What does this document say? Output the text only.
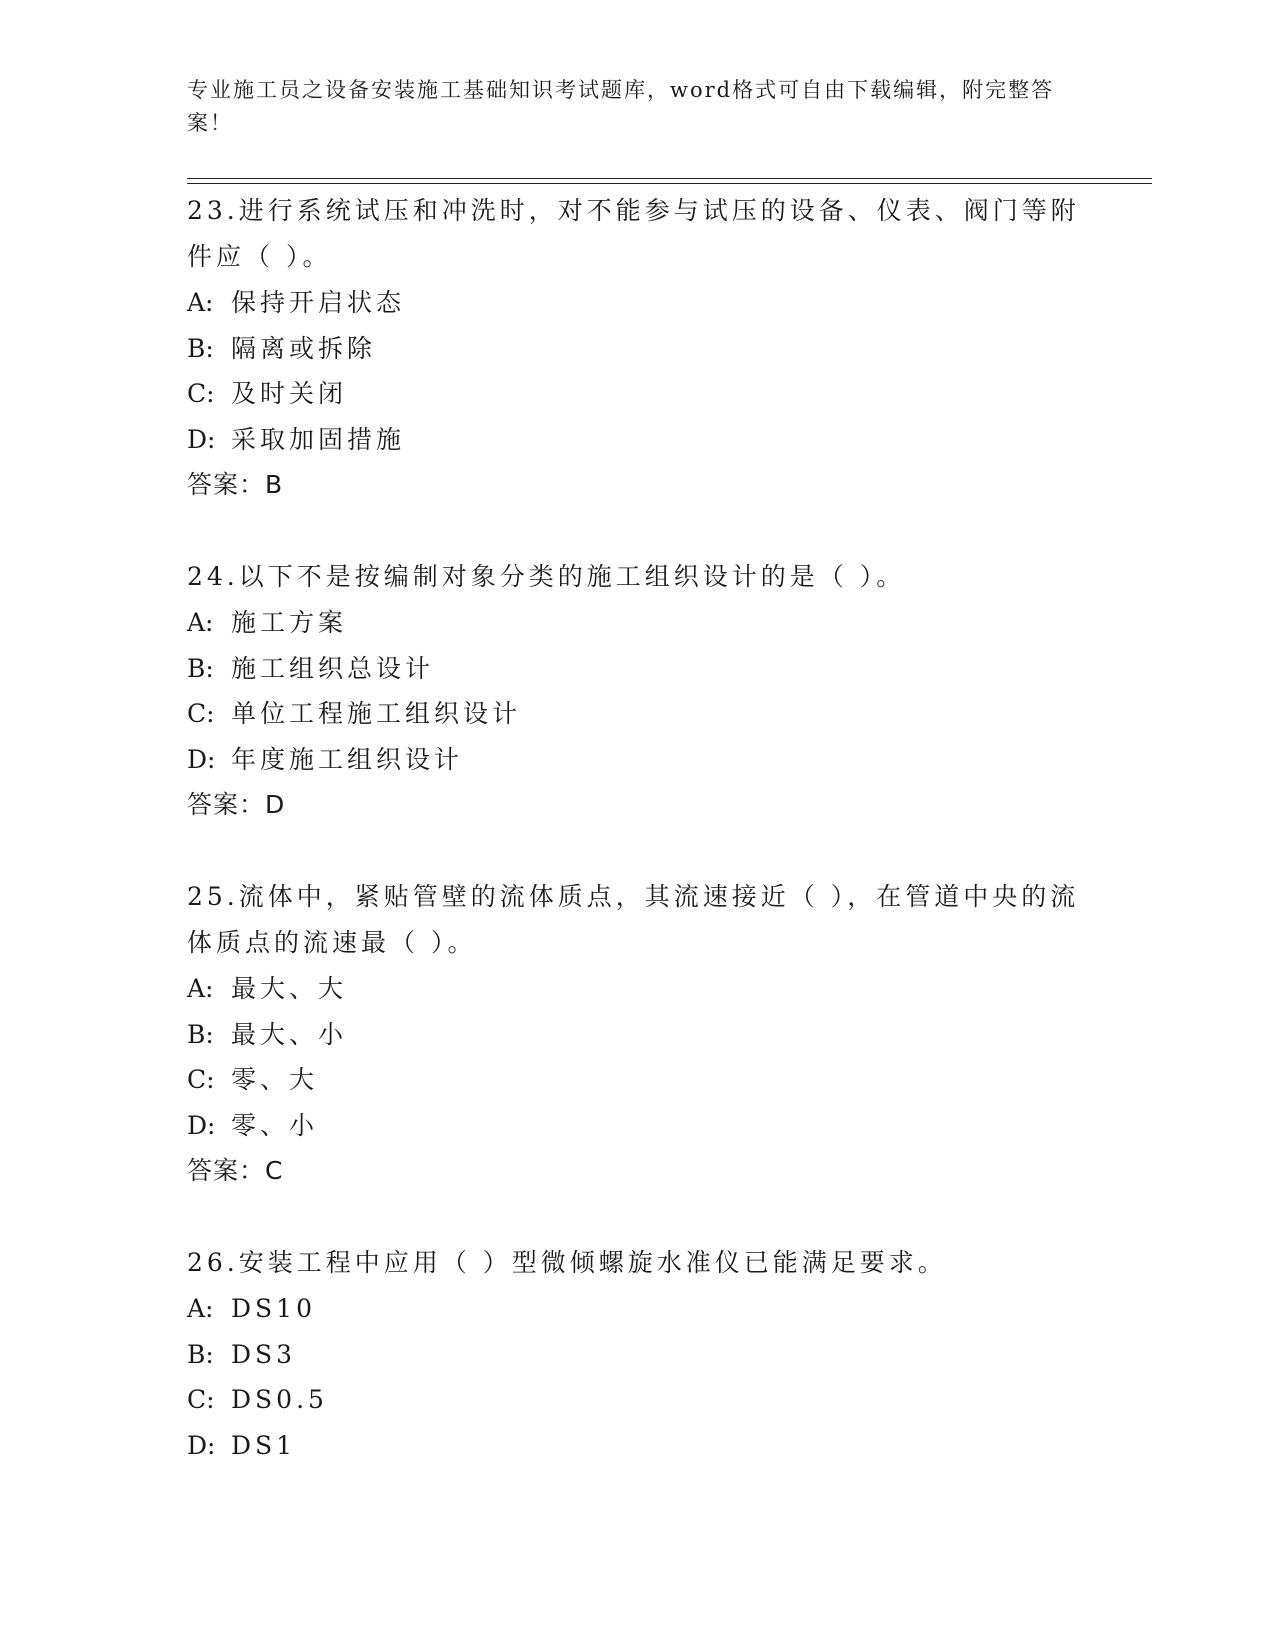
专业施工员之设备安装施工基础知识考试题库，word格式可自由下载编辑，附完整答案！
23.进行系统试压和冲洗时，对不能参与试压的设备、仪表、阀门等附件应（ ）。
A: 保持开启状态
B: 隔离或拆除
C: 及时关闭
D: 采取加固措施
答案：B
24.以下不是按编制对象分类的施工组织设计的是（ ）。
A: 施工方案
B: 施工组织总设计
C: 单位工程施工组织设计
D: 年度施工组织设计
答案：D
25.流体中，紧贴管壁的流体质点，其流速接近（ ），在管道中央的流体质点的流速最（ ）。
A: 最大、大
B: 最大、小
C: 零、大
D: 零、小
答案：C
26.安装工程中应用（ ）型微倾螺旋水准仪已能满足要求。
A: DS10
B: DS3
C: DS0.5
D: DS1
